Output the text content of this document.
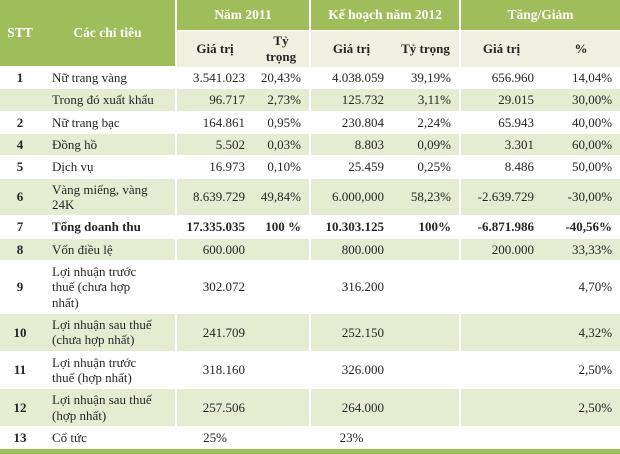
STT	Các chỉ tiêu	Năm 2011		Kế hoạch năm 2012		Tăng/Giảm	
		Giá trị	Tỷ trọng	Giá trị	Tỷ trọng	Giá trị	%
1	Nữ trang vàng	3.541.023	20,43%	4.038.059	39,19%	656.960	14,04%
	Trong đó xuất khẩu	96.717	2,73%	125.732	3,11%	29.015	30,00%
2	Nữ trang bạc	164.861	0,95%	230.804	2,24%	65.943	40,00%
4	Đồng hồ	5.502	0,03%	8.803	0,09%	3.301	60,00%
5	Dịch vụ	16.973	0,10%	25.459	0,25%	8.486	50,00%
6	Vàng miếng, vàng 24K	8.639.729	49,84%	6.000,000	58,23%	-2.639.729	-30,00%
7	Tổng doanh thu	17.335.035	100 %	10.303.125	100%	-6.871.986	-40,56%
8	Vốn điều lệ	600.000		800.000		200.000	33,33%
9	Lợi nhuận trước thuế (chưa hợp nhất)	302.072		316.200			4,70%
10	Lợi nhuận sau thuế (chưa hợp nhất)	241.709		252.150			4,32%
11	Lợi nhuận trước thuế (hợp nhất)	318.160		326.000			2,50%
12	Lợi nhuận sau thuế (hợp nhất)	257.506		264.000			2,50%
13	Cổ tức	25%		23%			
